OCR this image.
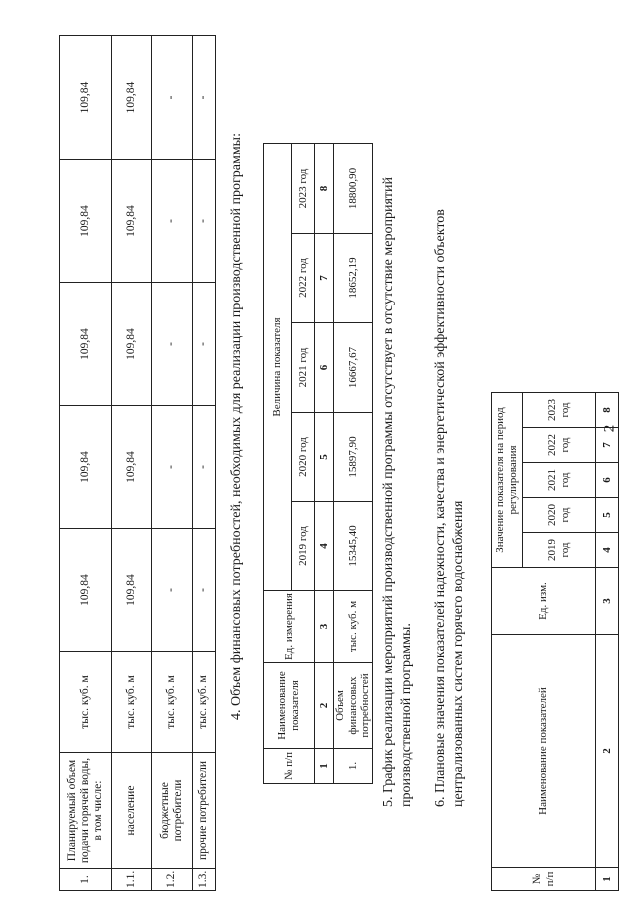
2
1.	Планируемый объем подачи горячей воды, в том числе:	тыс. куб. м	109,84	109,84	109,84	109,84	109,84
1.1.	население	тыс. куб. м	109,84	109,84	109,84	109,84	109,84
1.2.	бюджетные потребители	тыс. куб. м	-	-	-	-	-
1.3.	прочие потребители	тыс. куб. м	-	-	-	-	-
4. Объем финансовых потребностей, необходимых для реализации производственной программы:
№ п/п	Наименование показателя	Ед. измерения	Величина показателя				
			2019 год	2020 год	2021 год	2022 год	2023 год
1	2	3	4	5	6	7	8
1.	Объем финансовых потребностей	тыс. куб. м	15345,40	15897,90	16667,67	18652,19	18800,90 5. График реализации мероприятий производственной программы отсутствует в отсутствие мероприятий производственной программы. 6. Плановые значения показателей надежности, качества и энергетической эффективности объектов централизованных систем горячего водоснабжения
№ п/п	Наименование показателей	Ед. изм.	Значение показателя на период регулирования				
			2019 год	2020 год	2021 год	2022 год	2023 год
1	2	3	4	5	6	7	8
